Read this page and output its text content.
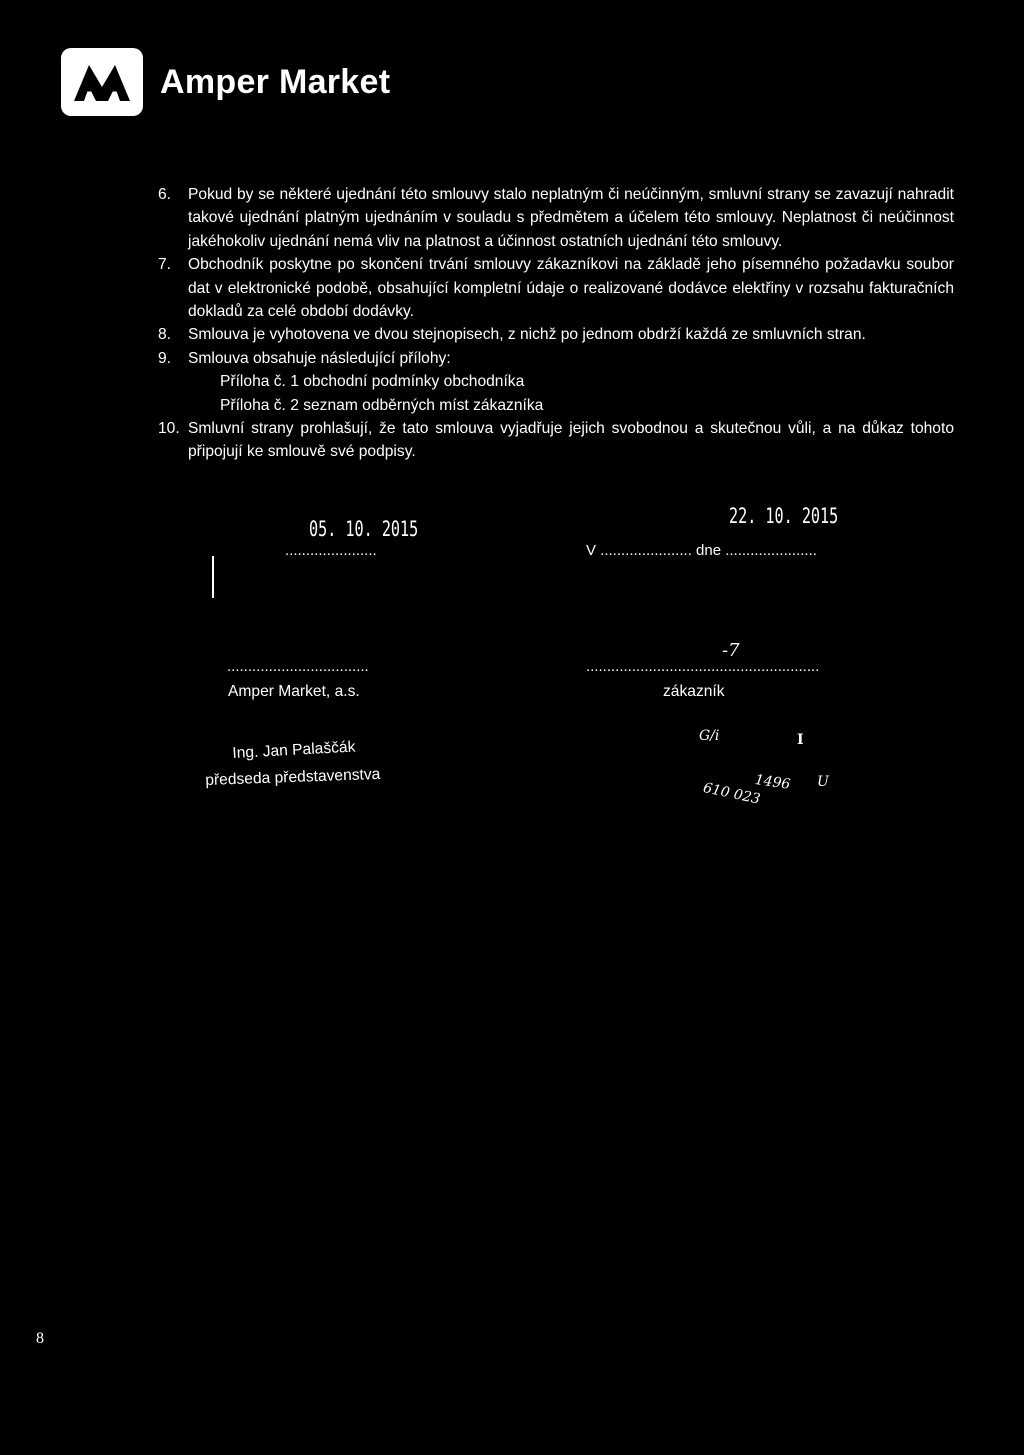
Amper Market
6.	Pokud by se některé ujednání této smlouvy stalo neplatným či neúčinným, smluvní strany se zavazují nahradit takové ujednání platným ujednáním v souladu s předmětem a účelem této smlouvy. Neplatnost či neúčinnost jakéhokoliv ujednání nemá vliv na platnost a účinnost ostatních ujednání této smlouvy.
7.	Obchodník poskytne po skončení trvání smlouvy zákazníkovi na základě jeho písemného požadavku soubor dat v elektronické podobě, obsahující kompletní údaje o realizované dodávce elektřiny v rozsahu fakturačních dokladů za celé období dodávky.
8.	Smlouva je vyhotovena ve dvou stejnopisech, z nichž po jednom obdrží každá ze smluvních stran.
9.	Smlouva obsahuje následující přílohy:
Příloha č. 1 obchodní podmínky obchodníka
Příloha č. 2 seznam odběrných míst zákazníka
10. Smluvní strany prohlašují, že tato smlouva vyjadřuje jejich svobodnou a skutečnou vůli, a na důkaz tohoto připojují ke smlouvě své podpisy.
05. 10. 2015
22. 10. 2015
......................	V ...................... dne ......................
..................................	........................................................
-7
Amper Market, a.s.	zákazník
Ing. Jan Palaščák
předseda představenstva
G/i	I
610 023
1496 U
8
